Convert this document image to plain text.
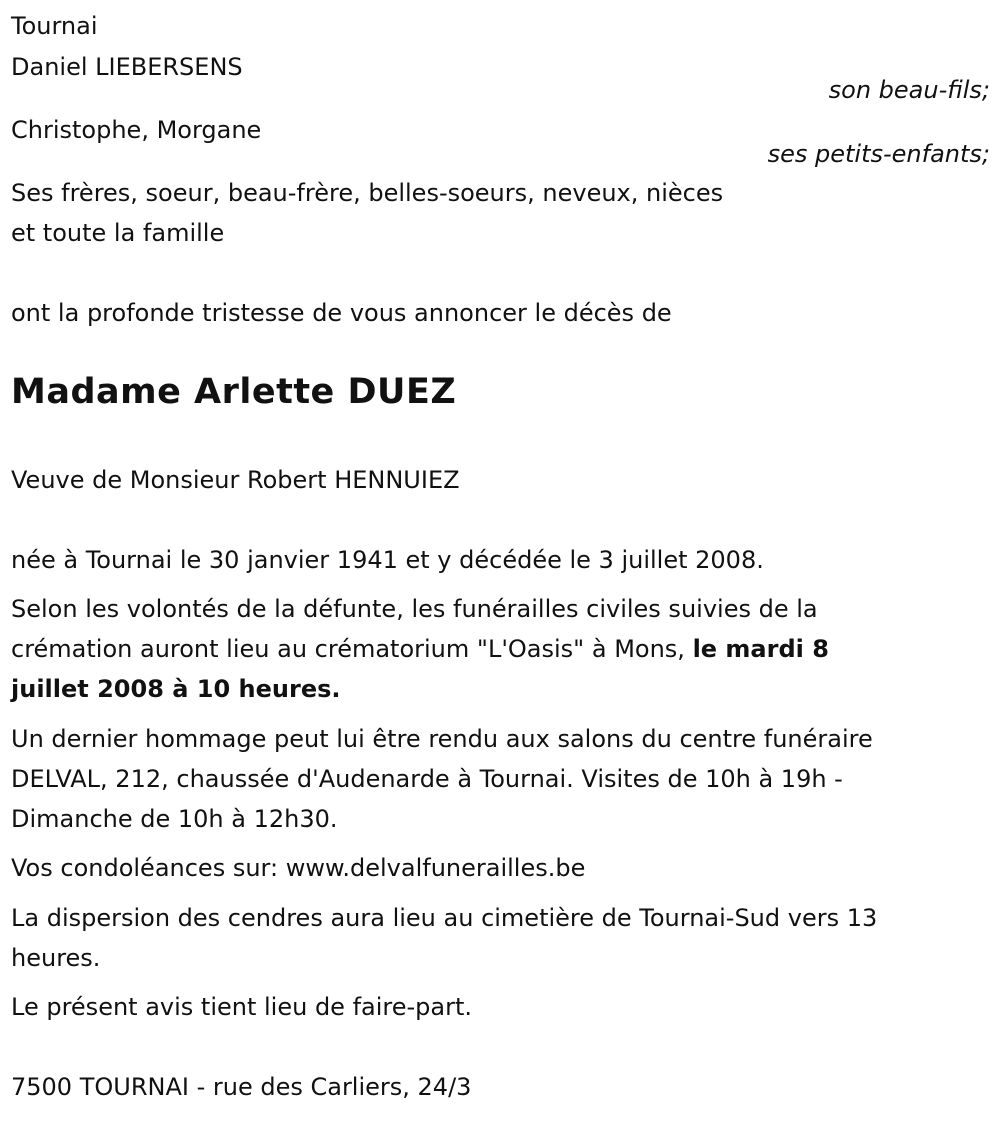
Tournai
Daniel LIEBERSENS
son beau-fils;
Christophe, Morgane
ses petits-enfants;
Ses frères, soeur, beau-frère, belles-soeurs, neveux, nièces
et toute la famille
ont la profonde tristesse de vous annoncer le décès de
Madame Arlette DUEZ
Veuve de Monsieur Robert HENNUIEZ
née à Tournai le 30 janvier 1941 et y décédée le 3 juillet 2008.
Selon les volontés de la défunte, les funérailles civiles suivies de la
crémation auront lieu au crématorium "L'Oasis" à Mons, le mardi 8
juillet 2008 à 10 heures.
Un dernier hommage peut lui être rendu aux salons du centre funéraire
DELVAL, 212, chaussée d'Audenarde à Tournai. Visites de 10h à 19h -
Dimanche de 10h à 12h30.
Vos condoléances sur: www.delvalfunerailles.be
La dispersion des cendres aura lieu au cimetière de Tournai-Sud vers 13
heures.
Le présent avis tient lieu de faire-part.
7500 TOURNAI - rue des Carliers, 24/3
